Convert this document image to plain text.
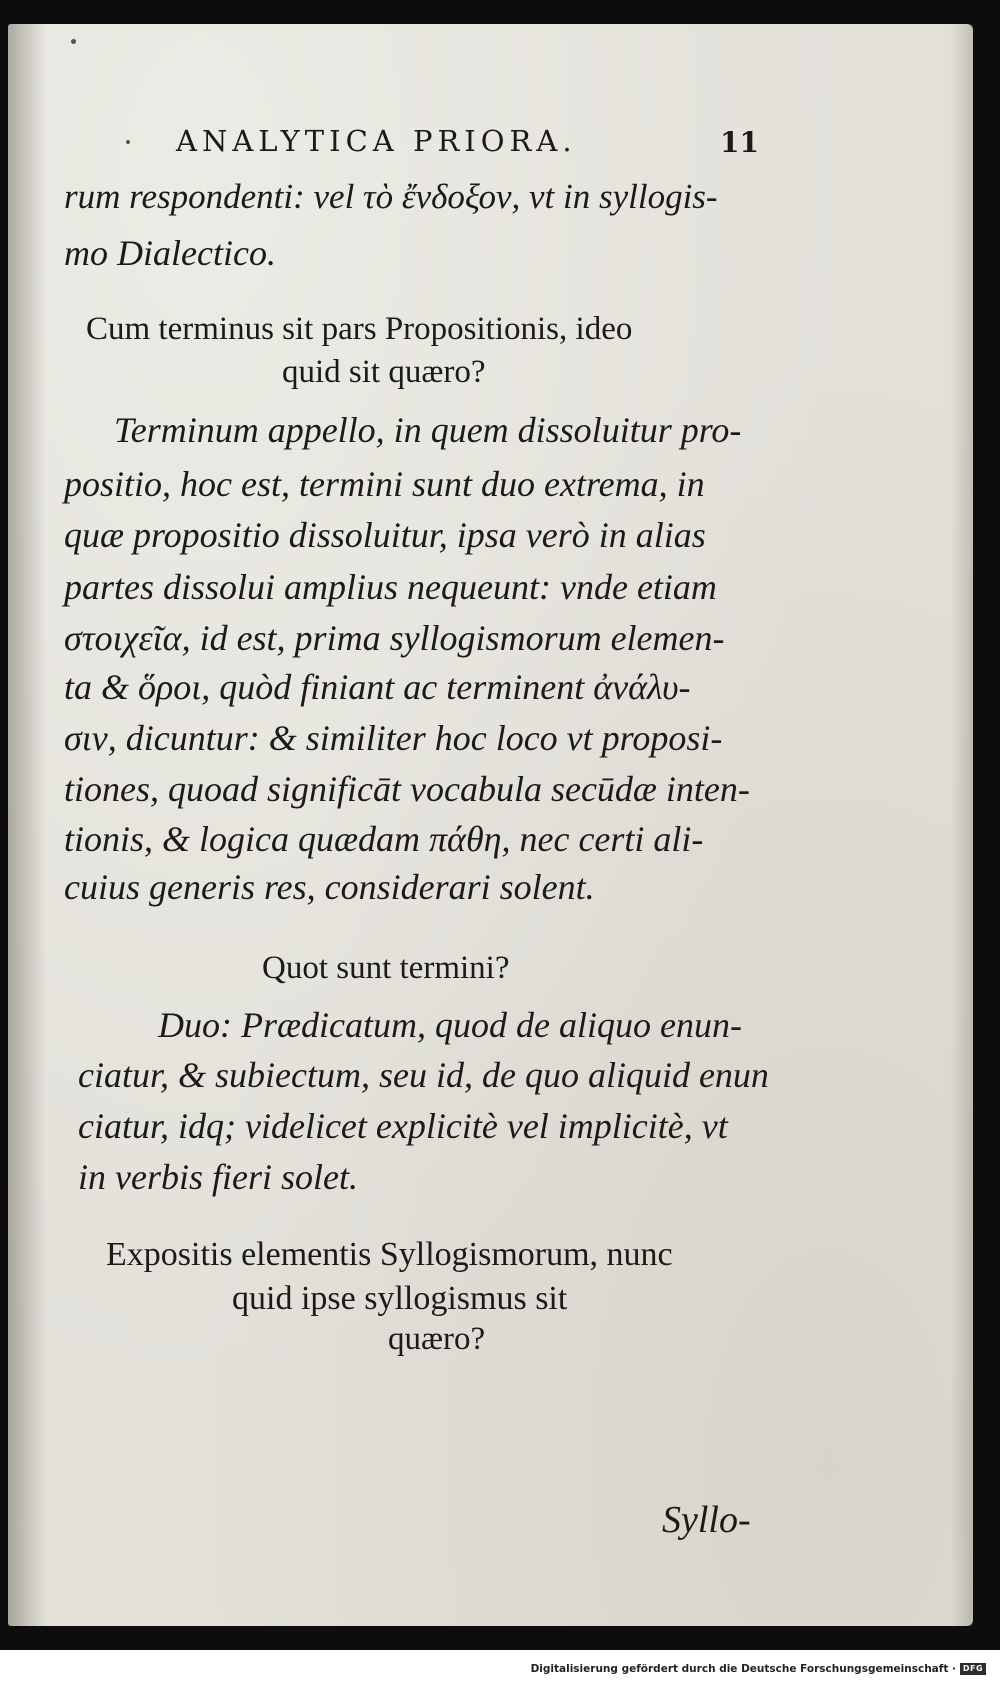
ANALYTICA PRIORA.	11
rum respondenti: vel τὸ ἔνδοξον, vt in syllogis-
mo Dialectico.
Cum terminus sit pars Propositionis, ideo
quid sit quæro?
Terminum appello, in quem dissoluitur pro-
positio, hoc est, termini sunt duo extrema, in
quæ propositio dissoluitur, ipsa verò in alias
partes dissolui amplius nequeunt: vnde etiam
στοιχεῖα, id est, prima syllogismorum elemen-
ta & ὅροι, quòd finiant ac terminent ἀνάλυ-
σιν, dicuntur: & similiter hoc loco vt proposi-
tiones, quoad significāt vocabula secūdæ inten-
tionis, & logica quædam πάθη, nec certi ali-
cuius generis res, considerari solent.
Quot sunt termini?
Duo: Prædicatum, quod de aliquo enun-
ciatur, & subiectum, seu id, de quo aliquid enun
ciatur, idq; videlicet explicitè vel implicitè, vt
in verbis fieri solet.
Expositis elementis Syllogismorum, nunc
quid ipse syllogismus sit
quæro?
Syllo-
Digitalisierung gefördert durch die Deutsche Forschungsgemeinschaft · DFG
